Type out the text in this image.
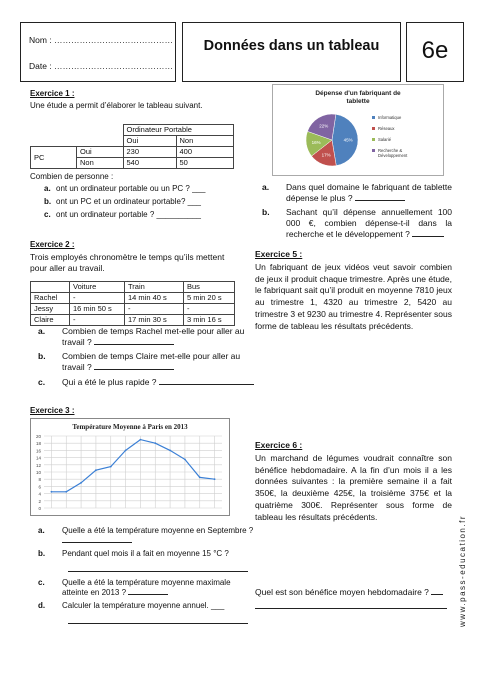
Nom : ……………………………………
Date : ……………………………………
Données dans un tableau	6e
Exercice 1 :
Une étude a permit d’élaborer le tableau suivant.
		Ordinateur Portable	
		Oui	Non
PC	Oui	230	400
	Non	540	50
Combien de personne :
a. ont un ordinateur portable ou un PC ? ___
b. ont un PC et un ordinateur portable? ___
c. ont un ordinateur portable ? __________
Exercice 2 :
Trois employés chronomètre le temps qu’ils mettent pour aller au travail.
	Voiture	Train	Bus
Rachel	-	14 min 40 s	5 min 20 s
Jessy	16 min 50 s	-	-
Claire	-	17 min 30 s	3 min 16 s
a. Combien de temps Rachel met-elle pour aller au travail ?
b. Combien de temps Claire met-elle pour aller au travail ?
c. Qui a été le plus rapide ?
Exercice 3 :
Température Moyenne à Paris en 2013
0
2
4
6
8
10
12
14
16
18
20
a. Quelle a été la température moyenne en Septembre ?
b. Pendant quel mois il a fait en moyenne 15 °C ?
c. Quelle a été la température moyenne maximale atteinte en 2013 ?
d. Calculer la température moyenne annuel. ___
Dépense d'un fabriquant de tablette
45%
17%
16%
22%
Informatique
Réseaux
Salarié
Recherche & Développement
a. Dans quel domaine le fabriquant de tablette dépense le plus ?
b. Sachant qu’il dépense annuellement 100 000 €, combien dépense-t-il dans la recherche et le développement ?
Exercice 5 :
Un fabriquant de jeux vidéos veut savoir combien de jeux il produit chaque trimestre. Après une étude, le fabriquant sait qu’il produit en moyenne 7810 jeux au trimestre 1, 4320 au trimestre 2, 5420 au trimestre 3 et 9230 au trimestre 4. Représenter sous forme de tableau les résultats précédents.
Exercice 6 :
Un marchand de légumes voudrait connaître son bénéfice hebdomadaire. A la fin d’un mois il a les données suivantes : la première semaine il a fait 350€, la deuxième 425€, la troisième 375€ et la quatrième 300€. Représenter sous forme de tableau les résultats précédents.
Quel est son bénéfice moyen hebdomadaire ?	www.pass-education.fr
